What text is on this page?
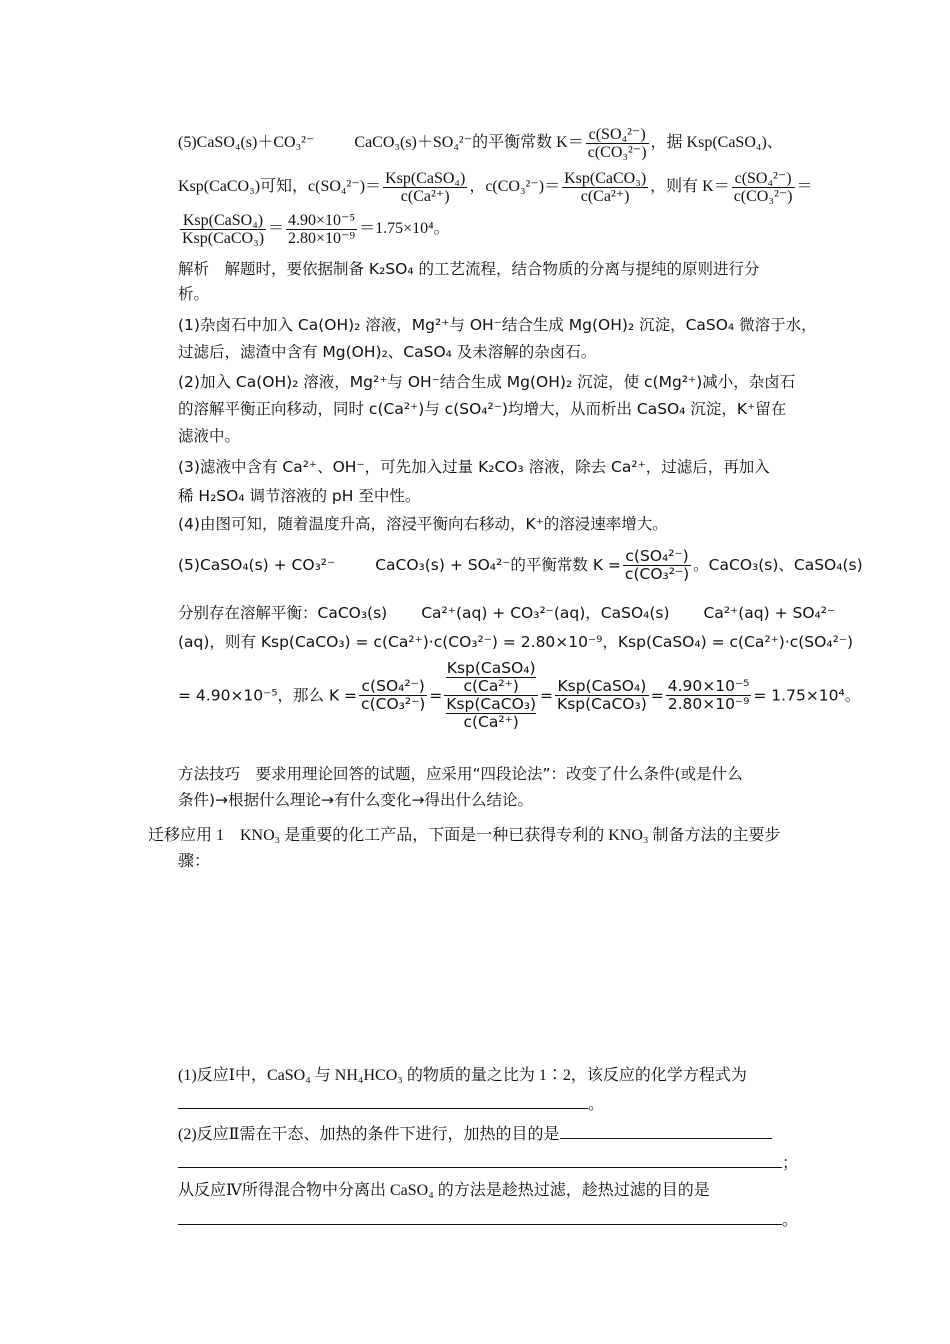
(5)CaSO₄(s)＋CO₃²⁻	CaCO₃(s)＋SO₄²⁻的平衡常数 $K= \frac{\text{c(SO₄²⁻)}}{\text{c(CO₃²⁻)}}$ ，据 Ksp(CaSO₄)、
Ksp(CaCO₃)可知，$c(SO_4^{2-})= \frac{\text{Ksp(CaSO₄)}}{\text{c(Ca²⁺)}}$ ，$c(CO_3^{2-})= \frac{\text{Ksp(CaCO₃)}}{\text{c(Ca²⁺)}}$ ，则有 $K= \frac{\text{c(SO₄²⁻)}}{\text{c(CO₃²⁻)}}$ ＝
$\frac{\text{Ksp(CaSO₄)}}{\text{Ksp(CaCO₃)}} = \frac{\text{4.90×10⁻⁵}}{\text{2.80×10⁻⁹}} =1.75\times 10^4$。
解析　解题时，要依据制备 K₂SO₄ 的工艺流程，结合物质的分离与提纯的原则进行分
析。
(1)杂卤石中加入 Ca(OH)₂ 溶液，Mg²⁺与 OH⁻结合生成 Mg(OH)₂ 沉淀，CaSO₄ 微溶于水，
过滤后，滤渣中含有 Mg(OH)₂、CaSO₄ 及未溶解的杂卤石。
(2)加入 Ca(OH)₂ 溶液，Mg²⁺与 OH⁻结合生成 Mg(OH)₂ 沉淀，使 c(Mg²⁺)减小，杂卤石
的溶解平衡正向移动，同时 c(Ca²⁺)与 c(SO₄²⁻)均增大，从而析出 CaSO₄ 沉淀，K⁺留在
滤液中。
(3)滤液中含有 Ca²⁺、OH⁻，可先加入过量 K₂CO₃ 溶液，除去 Ca²⁺，过滤后，再加入
稀 H₂SO₄ 调节溶液的 pH 至中性。
(4)由图可知，随着温度升高，溶浸平衡向右移动，K⁺的溶浸速率增大。
(5)CaSO₄(s) + CO₃²⁻	CaCO₃(s) + SO₄²⁻的平衡常数 $K = \frac{\text{c(SO₄²⁻)}}{\text{c(CO₃²⁻)}}$ 。CaCO₃(s)、CaSO₄(s)
分别存在溶解平衡：CaCO₃(s) Ca²⁺(aq) + CO₃²⁻(aq)，CaSO₄(s) Ca²⁺(aq) + SO₄²⁻
(aq)，则有 Ksp(CaCO₃) = c(Ca²⁺)·c(CO₃²⁻) = 2.80×10⁻⁹，Ksp(CaSO₄) = c(Ca²⁺)·c(SO₄²⁻)
= 4.90×10⁻⁵，那么 $K = \frac{\text{c(SO₄²⁻)}}{\text{c(CO₃²⁻)}}$ = Ksp(CaSO₄)
c(Ca²⁺)
Ksp(CaCO₃)
$c(Ca^{2+}) = \frac{\text{Ksp(CaSO₄)}}{\text{Ksp(CaCO₃)}} = \frac{\text{4.90×10⁻⁵}}{\text{2.80×10⁻⁹}} = 1.75\times 10^4$。
方法技巧　要求用理论回答的试题，应采用“四段论法”：改变了什么条件(或是什么
条件)→根据什么理论→有什么变化→得出什么结论。
迁移应用 1　KNO₃ 是重要的化工产品，下面是一种已获得专利的 KNO₃ 制备方法的主要步
骤：
(1)反应Ⅰ中，CaSO₄ 与 NH₄HCO₃ 的物质的量之比为 1∶2，该反应的化学方程式为
。
(2)反应Ⅱ需在干态、加热的条件下进行，加热的目的是
；
从反应Ⅳ所得混合物中分离出 CaSO₄ 的方法是趁热过滤，趁热过滤的目的是
。
